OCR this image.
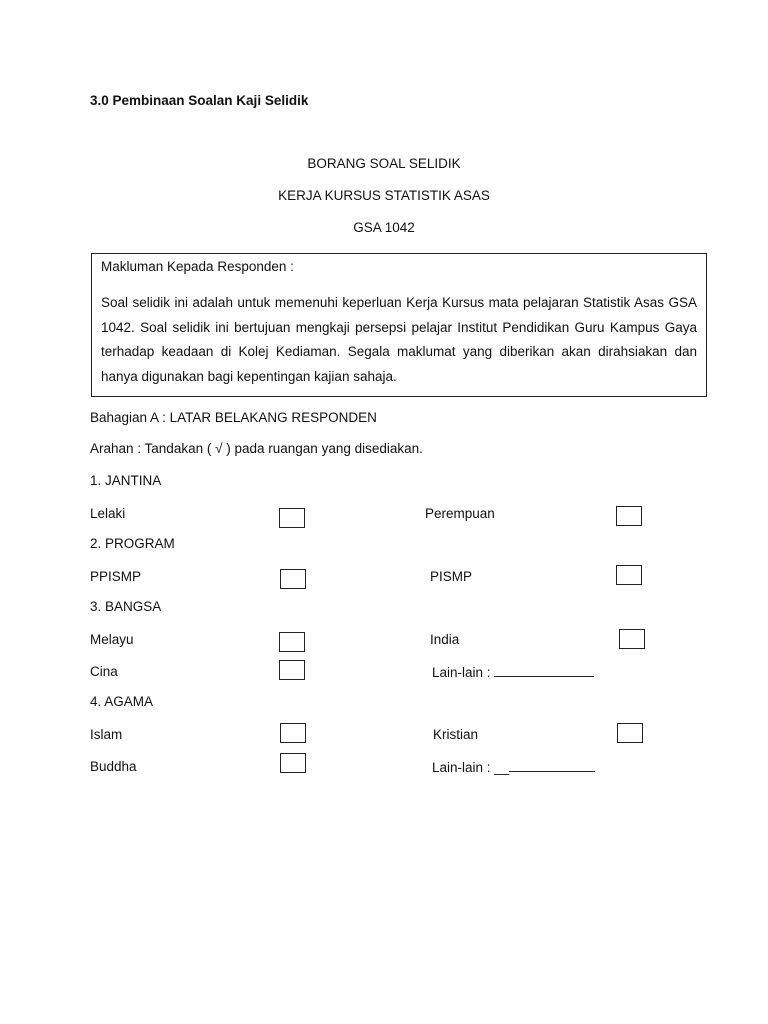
3.0 Pembinaan Soalan Kaji Selidik
BORANG SOAL SELIDIK
KERJA KURSUS STATISTIK ASAS
GSA 1042
Makluman Kepada Responden :
Soal selidik ini adalah untuk memenuhi keperluan Kerja Kursus mata pelajaran Statistik Asas GSA 1042. Soal selidik ini bertujuan mengkaji persepsi pelajar Institut Pendidikan Guru Kampus Gaya terhadap keadaan di Kolej Kediaman. Segala maklumat yang diberikan akan dirahsiakan dan hanya digunakan bagi kepentingan kajian sahaja.
Bahagian A : LATAR BELAKANG RESPONDEN
Arahan : Tandakan ( √ ) pada ruangan yang disediakan.
1. JANTINA
Lelaki	Perempuan
2. PROGRAM
PPISMP	PISMP
3. BANGSA
Melayu	India
Cina	Lain-lain :
4. AGAMA
Islam	Kristian
Buddha	Lain-lain : __
